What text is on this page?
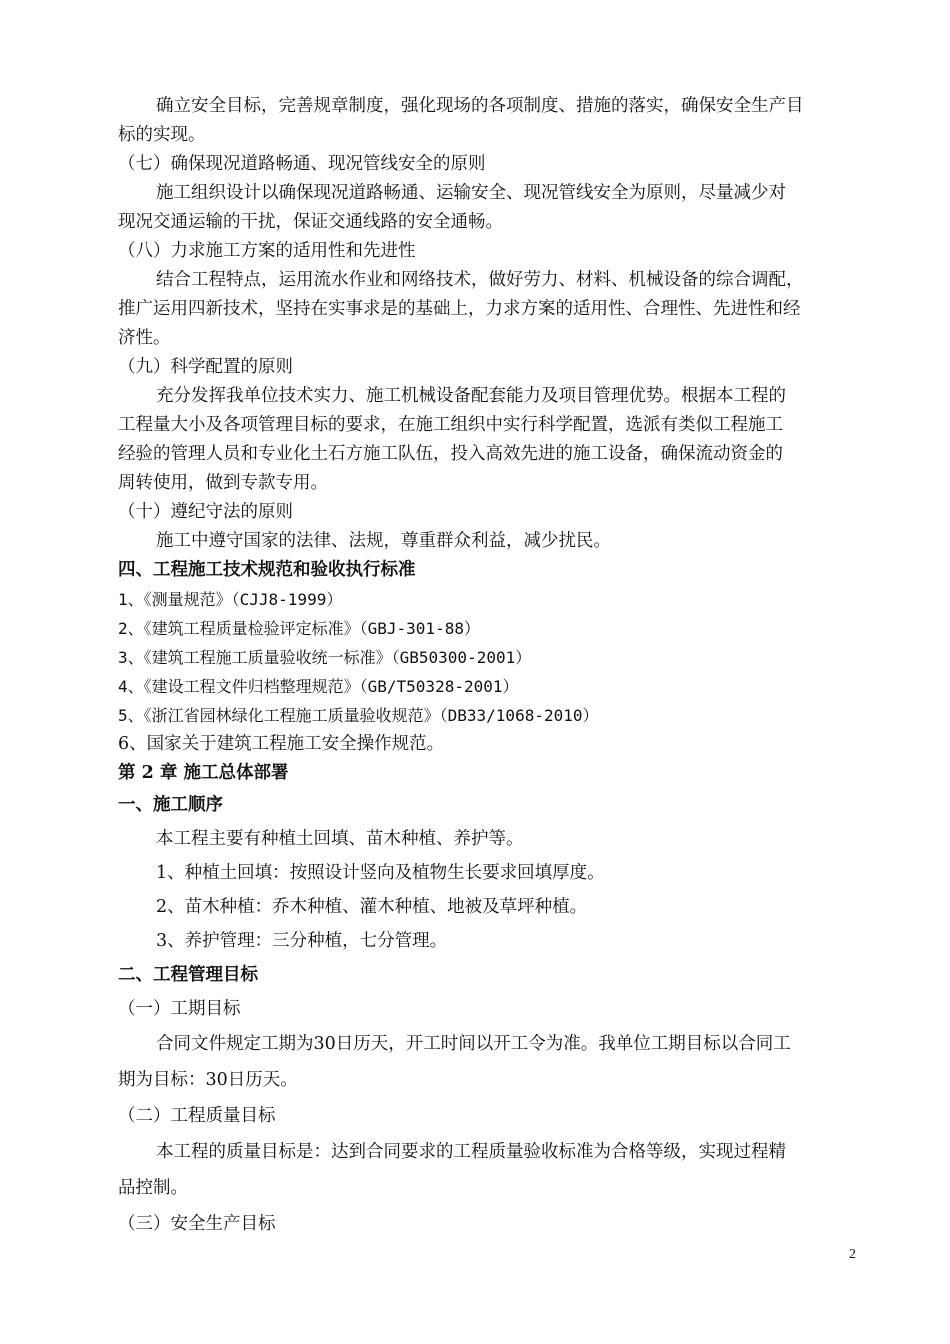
确立安全目标，完善规章制度，强化现场的各项制度、措施的落实，确保安全生产目

标的实现。

（七）确保现况道路畅通、现况管线安全的原则

施工组织设计以确保现况道路畅通、运输安全、现况管线安全为原则，尽量减少对

现况交通运输的干扰，保证交通线路的安全通畅。

（八）力求施工方案的适用性和先进性

结合工程特点，运用流水作业和网络技术，做好劳力、材料、机械设备的综合调配，

推广运用四新技术，坚持在实事求是的基础上，力求方案的适用性、合理性、先进性和经

济性。

（九）科学配置的原则

充分发挥我单位技术实力、施工机械设备配套能力及项目管理优势。根据本工程的

工程量大小及各项管理目标的要求，在施工组织中实行科学配置，选派有类似工程施工

经验的管理人员和专业化土石方施工队伍，投入高效先进的施工设备，确保流动资金的

周转使用，做到专款专用。

（十）遵纪守法的原则

施工中遵守国家的法律、法规，尊重群众利益，减少扰民。

四、工程施工技术规范和验收执行标准

1、《测量规范》（CJJ8-1999）

2、《建筑工程质量检验评定标准》（GBJ-301-88）

3、《建筑工程施工质量验收统一标准》（GB50300-2001）

4、《建设工程文件归档整理规范》（GB/T50328-2001）

5、《浙江省园林绿化工程施工质量验收规范》（DB33/1068-2010）

6、国家关于建筑工程施工安全操作规范。

第 2 章 施工总体部署

一、施工顺序

本工程主要有种植土回填、苗木种植、养护等。

1、种植土回填：按照设计竖向及植物生长要求回填厚度。

2、苗木种植：乔木种植、灌木种植、地被及草坪种植。

3、养护管理：三分种植，七分管理。

二、工程管理目标

（一）工期目标

合同文件规定工期为30日历天，开工时间以开工令为准。我单位工期目标以合同工

期为目标：30日历天。

（二）工程质量目标

本工程的质量目标是：达到合同要求的工程质量验收标准为合格等级，实现过程精

品控制。

（三）安全生产目标

2
